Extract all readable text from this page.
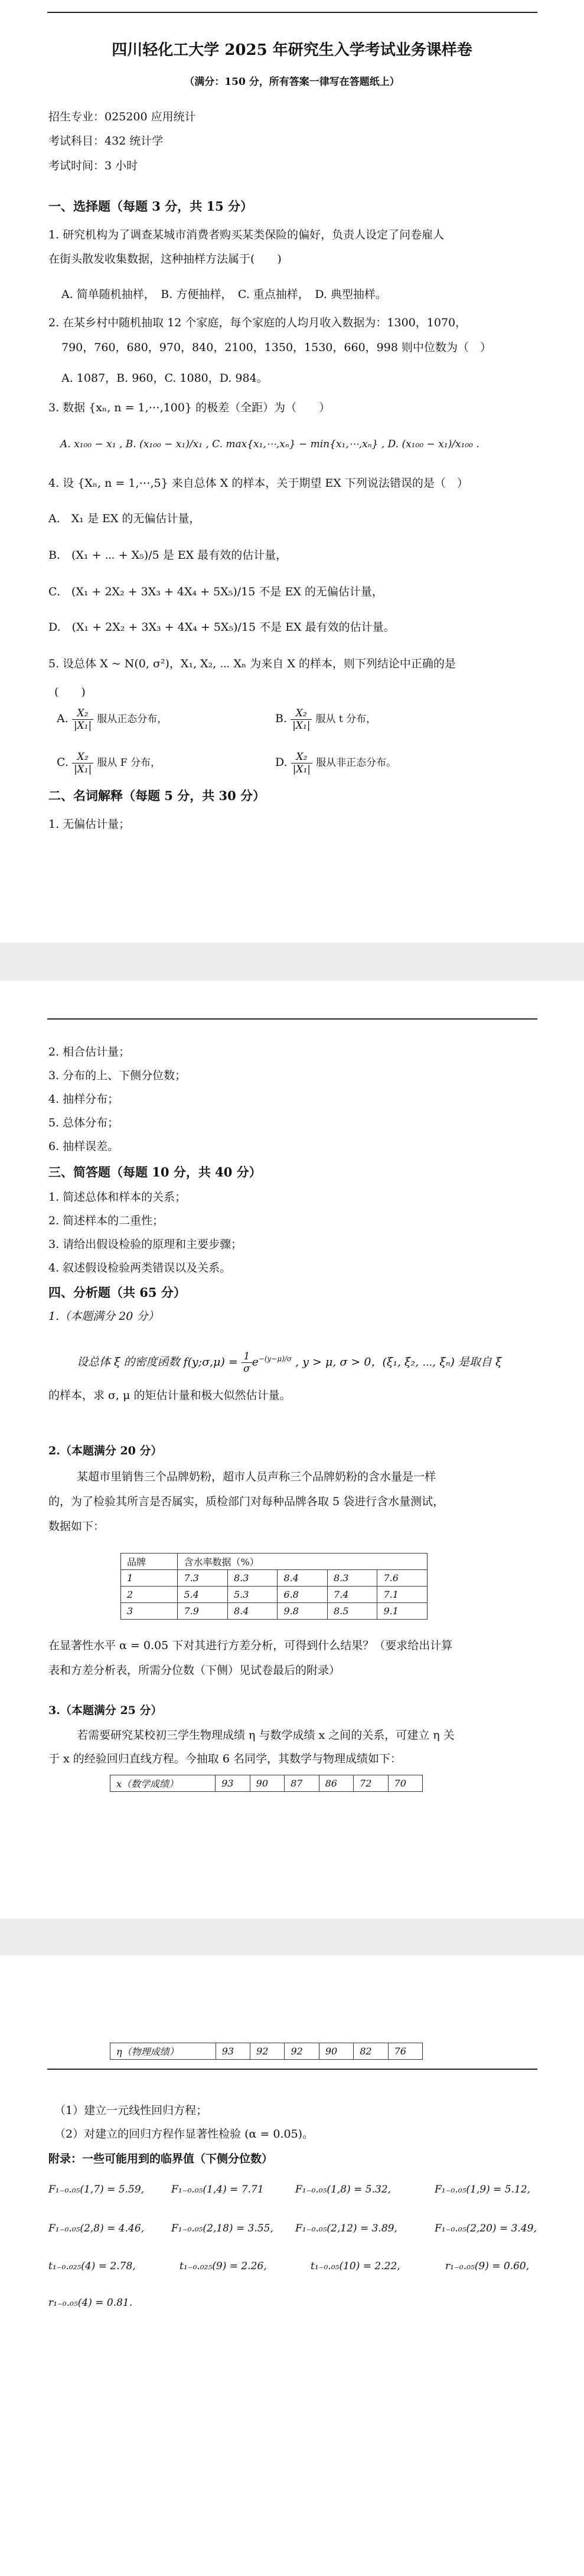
四川轻化工大学 2025 年研究生入学考试业务课样卷
（满分：150 分，所有答案一律写在答题纸上）
招生专业：025200 应用统计
考试科目：432 统计学
考试时间：3 小时
一、选择题（每题 3 分，共 15 分）
1. 研究机构为了调查某城市消费者购买某类保险的偏好，负责人设定了问卷雇人
在街头散发收集数据，这种抽样方法属于(　　)
A. 简单随机抽样，　B. 方便抽样，　C. 重点抽样，　D. 典型抽样。
2. 在某乡村中随机抽取 12 个家庭，每个家庭的人均月收入数据为：1300，1070，
790，760，680，970，840，2100，1350，1530，660，998 则中位数为（　）
A. 1087，B. 960，C. 1080，D. 984。
3. 数据 {xₙ, n = 1,⋯,100} 的极差（全距）为（　　）
A. x₁₀₀ − x₁ , B. (x₁₀₀ − x₁)/x₁ , C. max{x₁,⋯,xₙ} − min{x₁,⋯,xₙ} , D. (x₁₀₀ − x₁)/x₁₀₀ .
4. 设 {Xₙ, n = 1,⋯,5} 来自总体 X 的样本，关于期望 EX 下列说法错误的是（　）
A.　X₁ 是 EX 的无偏估计量，
B.　(X₁ + ⋯ + X₅)/5 是 EX 最有效的估计量，
C.　(X₁ + 2X₂ + 3X₃ + 4X₄ + 5X₅)/15 不是 EX 的无偏估计量，
D.　(X₁ + 2X₂ + 3X₃ + 4X₄ + 5X₅)/15 不是 EX 最有效的估计量。
5. 设总体 X ~ N(0, σ²)，X₁, X₂, ⋯ Xₙ 为来自 X 的样本，则下列结论中正确的是
(　　)
A. $\frac{\text{X₂}}{\text{|X₁|}}$ 服从正态分布，	B. $\frac{\text{X₂}}{\text{|X₁|}}$ 服从 t 分布，
C. $\frac{\text{X₂}}{\text{|X₁|}}$ 服从 F 分布，	D. $\frac{\text{X₂}}{\text{|X₁|}}$ 服从非正态分布。
二、名词解释（每题 5 分，共 30 分）
1. 无偏估计量；
2. 相合估计量；
3. 分布的上、下侧分位数；
4. 抽样分布；
5. 总体分布；
6. 抽样误差。
三、简答题（每题 10 分，共 40 分）
1. 简述总体和样本的关系；
2. 简述样本的二重性；
3. 请给出假设检验的原理和主要步骤；
4. 叙述假设检验两类错误以及关系。
四、分析题（共 65 分）
1.（本题满分 20 分）
设总体 ξ 的密度函数 f(y;σ,μ) = $\frac{1}{\sigma} e^{-(y-\mu)/\sigma}$ , y > μ, σ > 0，(ξ₁, ξ₂, ⋯, ξₙ) 是取自 ξ
的样本，求 σ, μ 的矩估计量和极大似然估计量。
2.（本题满分 20 分）
某超市里销售三个品牌奶粉，超市人员声称三个品牌奶粉的含水量是一样
的，为了检验其所言是否属实，质检部门对每种品牌各取 5 袋进行含水量测试，
数据如下：
品牌	含水率数据（%）				
1	7.3	8.3	8.4	8.3	7.6
2	5.4	5.3	6.8	7.4	7.1
3	7.9	8.4	9.8	8.5	9.1
在显著性水平 α = 0.05 下对其进行方差分析，可得到什么结果？（要求给出计算
表和方差分析表，所需分位数（下侧）见试卷最后的附录）
3.（本题满分 25 分）
若需要研究某校初三学生物理成绩 η 与数学成绩 x 之间的关系，可建立 η 关
于 x 的经验回归直线方程。今抽取 6 名同学，其数学与物理成绩如下：
x（数学成绩）	93	90	87	86	72	70
η（物理成绩）	93	92	92	90	82	76
（1）建立一元线性回归方程；
（2）对建立的回归方程作显著性检验 (α = 0.05)。
附录：一些可能用到的临界值（下侧分位数）
F₁₋₀.₀₅(1,7) = 5.59,	F₁₋₀.₀₅(1,4) = 7.71	F₁₋₀.₀₅(1,8) = 5.32,	F₁₋₀.₀₅(1,9) = 5.12,
F₁₋₀.₀₅(2,8) = 4.46,	F₁₋₀.₀₅(2,18) = 3.55, F₁₋₀.₀₅(2,12) = 3.89,	F₁₋₀.₀₅(2,20) = 3.49,
t₁₋₀.₀₂₅(4) = 2.78,	t₁₋₀.₀₂₅(9) = 2.26,	t₁₋₀.₀₅(10) = 2.22,	r₁₋₀.₀₅(9) = 0.60,
r₁₋₀.₀₅(4) = 0.81.
